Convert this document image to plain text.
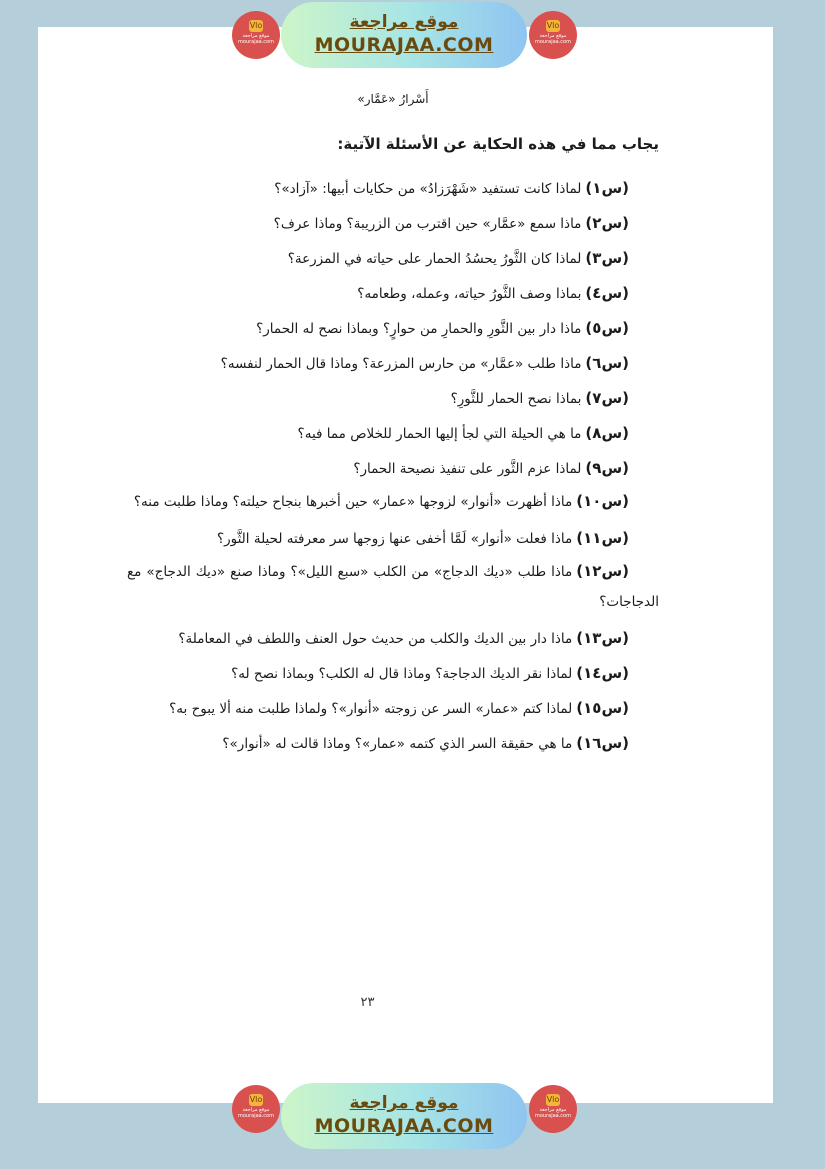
Vlo
موقع مراجعة
mourajaa.com
موقع مراجعة
MOURAJAA.COM
Vlo
موقع مراجعة
mourajaa.com
أَسْرارُ «عَمَّار»
يجاب مما في هذه الحكاية عن الأسئلة الآتية:
(س١)لماذا كانت تستفيد «شَهْرَزادُ» من حكايات أبيها: «آزاد»؟
(س٢)ماذا سمع «عمَّار» حين اقترب من الزريبة؟ وماذا عرف؟
(س٣)لماذا كان الثَّورُ يحسُدُ الحمار على حياته في المزرعة؟
(س٤)بماذا وصف الثَّورُ حياته، وعمله، وطعامه؟
(س٥)ماذا دار بين الثَّورِ والحمارِ من حوارٍ؟ وبماذا نصح له الحمار؟
(س٦)ماذا طلب «عمَّار» من حارس المزرعة؟ وماذا قال الحمار لنفسه؟
(س٧)بماذا نصح الحمار للثَّورِ؟
(س٨)ما هي الحيلة التي لجأ إليها الحمار للخلاص مما فيه؟
(س٩)لماذا عزم الثَّور على تنفيذ نصيحة الحمار؟
(س١٠)ماذا أظهرت «أنوار» لزوجها «عمار» حين أخبرها بنجاح حيلته؟ وماذا طلبت منه؟
(س١١)ماذا فعلت «أنوار» لَمَّا أخفى عنها زوجها سر معرفته لحيلة الثَّور؟
(س١٢)ماذا طلب «ديك الدجاج» من الكلب «سبع الليل»؟ وماذا صنع «ديك الدجاج» مع الدجاجات؟
(س١٣)ماذا دار بين الديك والكلب من حديث حول العنف واللطف في المعاملة؟
(س١٤)لماذا نقر الديك الدجاجة؟ وماذا قال له الكلب؟ وبماذا نصح له؟
(س١٥)لماذا كتم «عمار» السر عن زوجته «أنوار»؟ ولماذا طلبت منه ألا يبوح به؟
(س١٦)ما هي حقيقة السر الذي كتمه «عمار»؟ وماذا قالت له «أنوار»؟
٢٣
Vlo
موقع مراجعة
mourajaa.com
موقع مراجعة
MOURAJAA.COM
Vlo
موقع مراجعة
mourajaa.com
